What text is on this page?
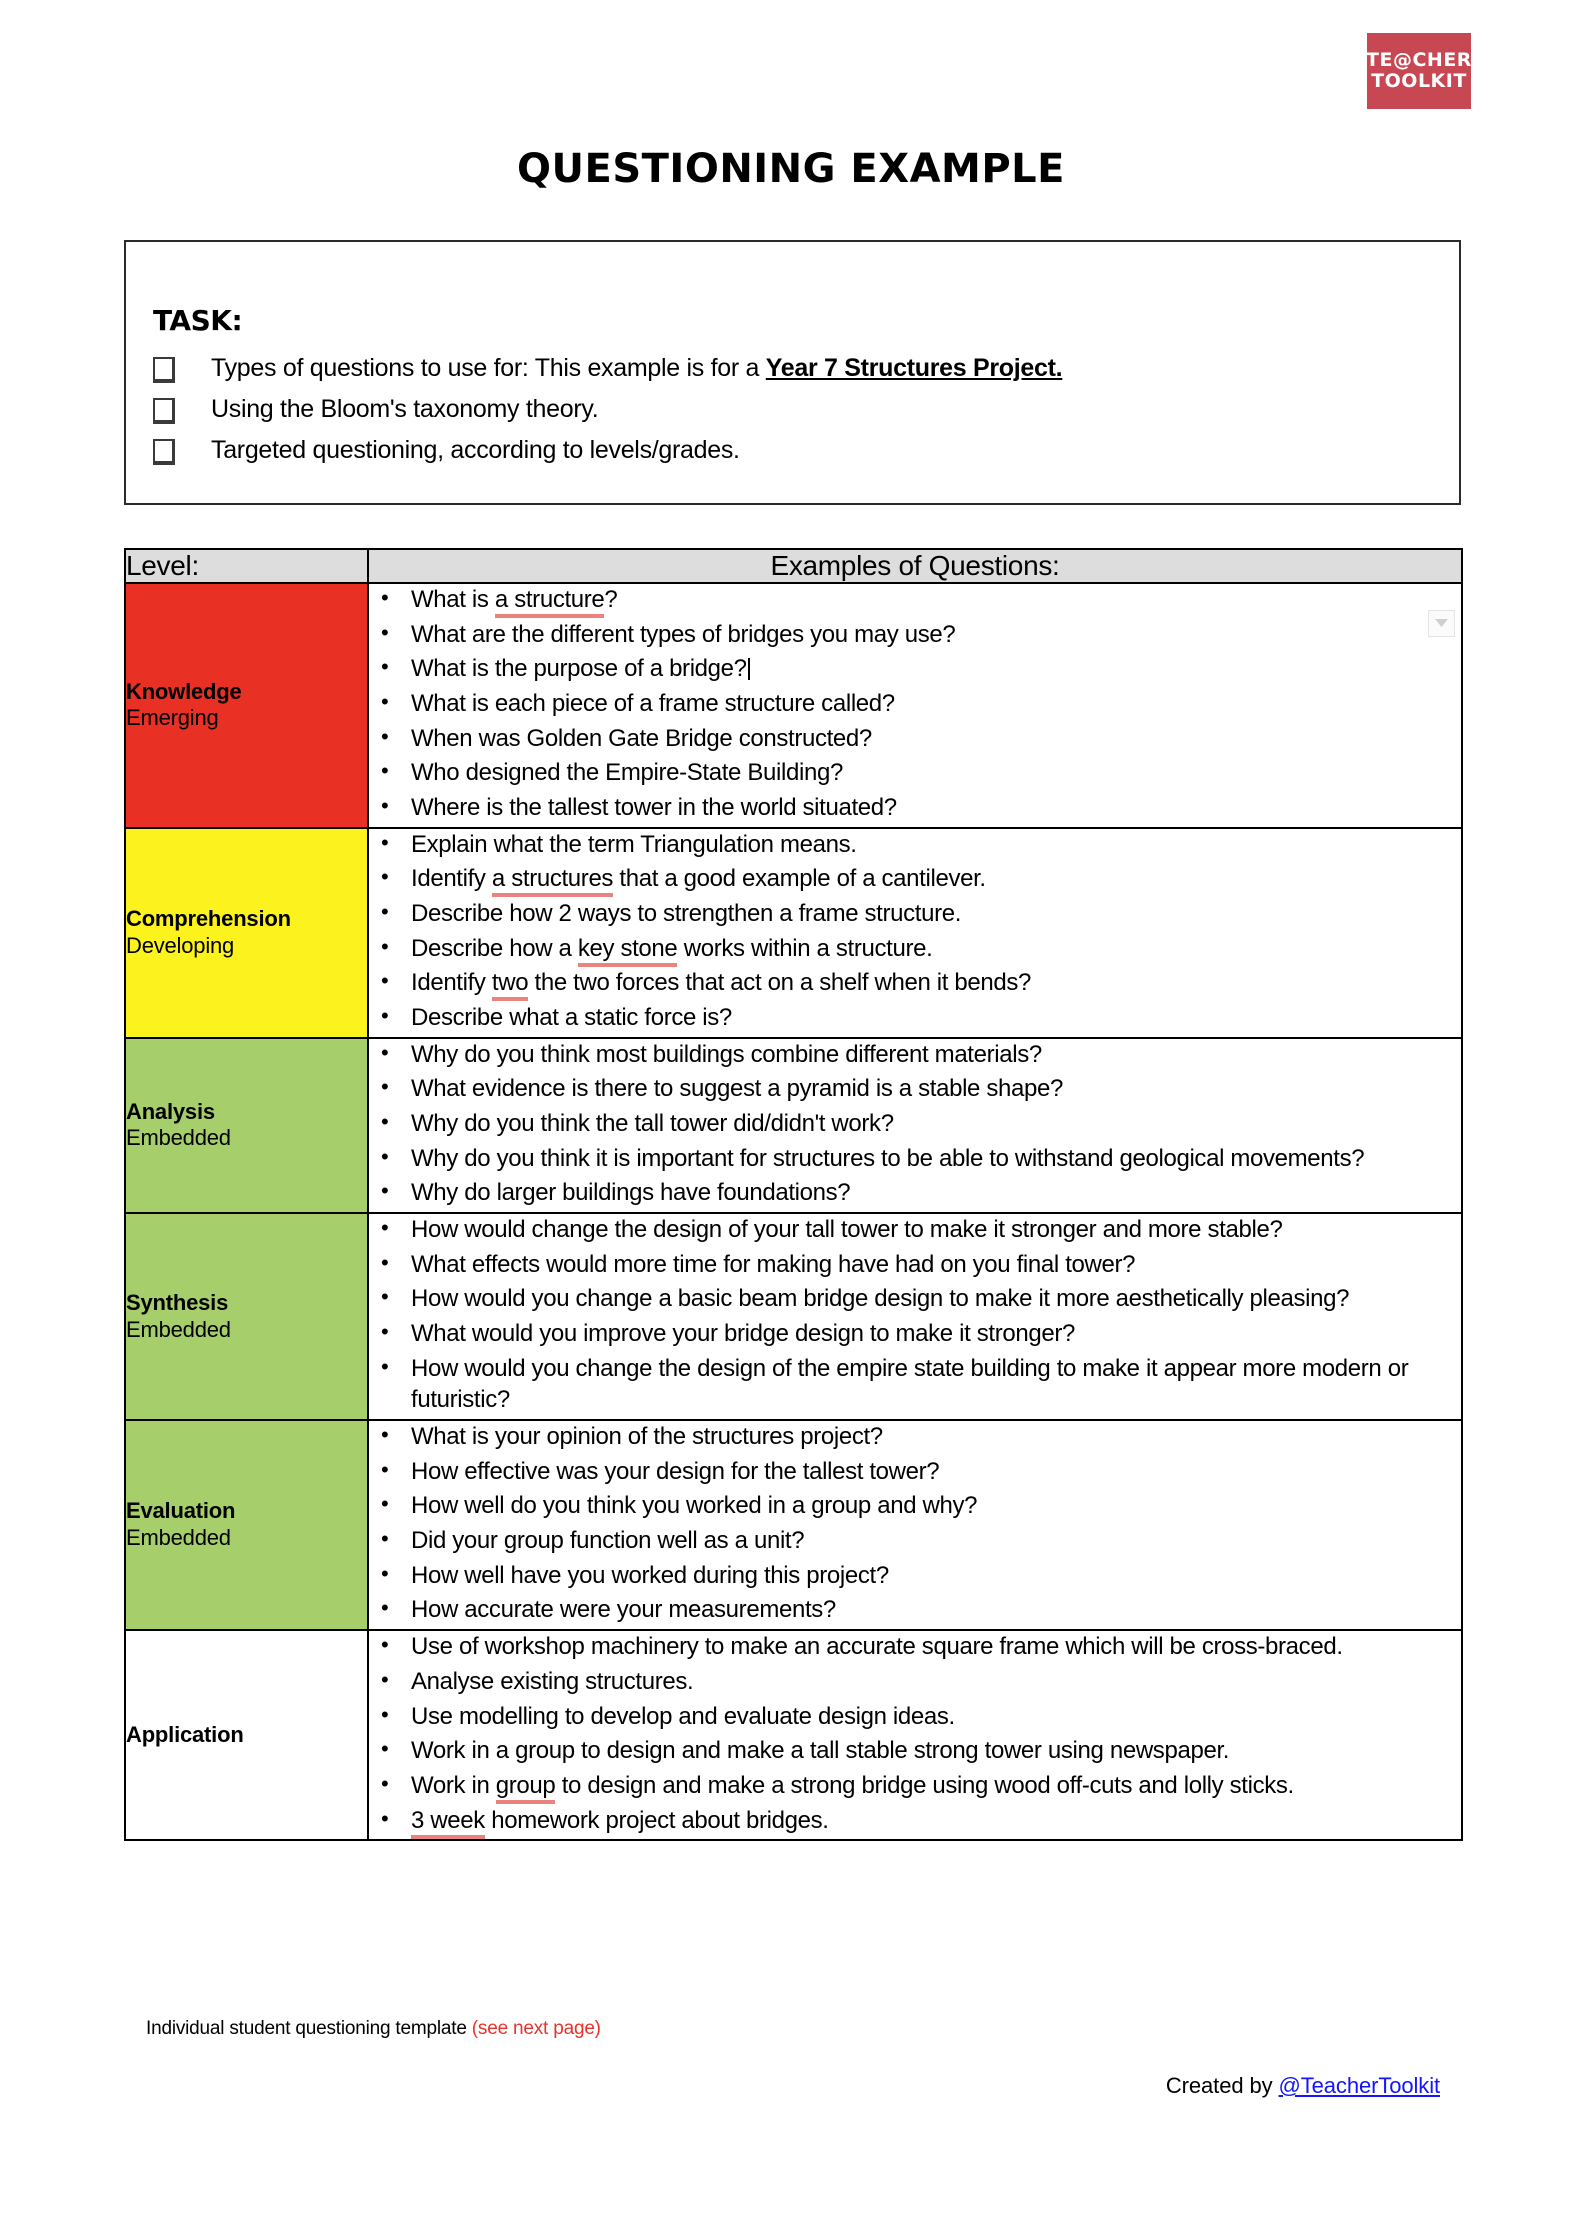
TE@CHER
TOOLKIT
QUESTIONING EXAMPLE
TASK:
Types of questions to use for: This example is for a Year 7 Structures Project.
Using the Bloom's taxonomy theory.
Targeted questioning, according to levels/grades.
Level:	Examples of Questions:

Knowledge
Emerging

• What is a structure?
• What are the different types of bridges you may use?
• What is the purpose of a bridge?
• What is each piece of a frame structure called?
• When was Golden Gate Bridge constructed?
• Who designed the Empire-State Building?
• Where is the tallest tower in the world situated?

Comprehension
Developing

• Explain what the term Triangulation means.
• Identify a structures that a good example of a cantilever.
• Describe how 2 ways to strengthen a frame structure.
• Describe how a key stone works within a structure.
• Identify two the two forces that act on a shelf when it bends?
• Describe what a static force is?

Analysis
Embedded

• Why do you think most buildings combine different materials?
• What evidence is there to suggest a pyramid is a stable shape?
• Why do you think the tall tower did/didn't work?
• Why do you think it is important for structures to be able to withstand geological movements?
• Why do larger buildings have foundations?

Synthesis
Embedded

• How would change the design of your tall tower to make it stronger and more stable?
• What effects would more time for making have had on you final tower?
• How would you change a basic beam bridge design to make it more aesthetically pleasing?
• What would you improve your bridge design to make it stronger?
• How would you change the design of the empire state building to make it appear more modern or futuristic?

Evaluation
Embedded

• What is your opinion of the structures project?
• How effective was your design for the tallest tower?
• How well do you think you worked in a group and why?
• Did your group function well as a unit?
• How well have you worked during this project?
• How accurate were your measurements?

Application

• Use of workshop machinery to make an accurate square frame which will be cross-braced.
• Analyse existing structures.
• Use modelling to develop and evaluate design ideas.
• Work in a group to design and make a tall stable strong tower using newspaper.
• Work in group to design and make a strong bridge using wood off-cuts and lolly sticks.
• 3 week homework project about bridges.
Individual student questioning template (see next page)
Created by @TeacherToolkit
